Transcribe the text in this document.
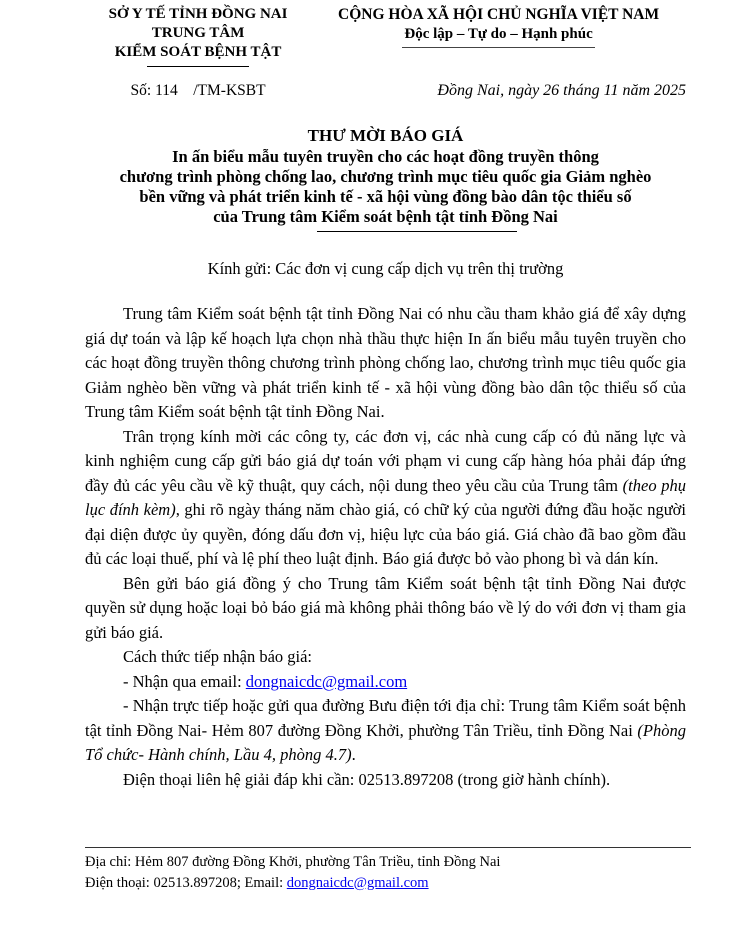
SỞ Y TẾ TỈNH ĐỒNG NAI
TRUNG TÂM
KIỂM SOÁT BỆNH TẬT
CỘNG HÒA XÃ HỘI CHỦ NGHĨA VIỆT NAM
Độc lập – Tự do – Hạnh phúc
Số: 114    /TM-KSBT	Đồng Nai, ngày 26 tháng 11 năm 2025
THƯ MỜI BÁO GIÁ
In ấn biểu mẫu tuyên truyền cho các hoạt đồng truyền thông
chương trình phòng chống lao, chương trình mục tiêu quốc gia Giảm nghèo
bền vững và phát triển kinh tế - xã hội vùng đồng bào dân tộc thiểu số
của Trung tâm Kiểm soát bệnh tật tỉnh Đồng Nai
Kính gửi: Các đơn vị cung cấp dịch vụ trên thị trường

Trung tâm Kiểm soát bệnh tật tỉnh Đồng Nai có nhu cầu tham khảo giá để xây dựng giá dự toán và lập kế hoạch lựa chọn nhà thầu thực hiện In ấn biểu mẫu tuyên truyền cho các hoạt đồng truyền thông chương trình phòng chống lao, chương trình mục tiêu quốc gia Giảm nghèo bền vững và phát triển kinh tế - xã hội vùng đồng bào dân tộc thiểu số của Trung tâm Kiểm soát bệnh tật tỉnh Đồng Nai.

Trân trọng kính mời các công ty, các đơn vị, các nhà cung cấp có đủ năng lực và kinh nghiệm cung cấp gửi báo giá dự toán với phạm vi cung cấp hàng hóa phải đáp ứng đầy đủ các yêu cầu về kỹ thuật, quy cách, nội dung theo yêu cầu của Trung tâm (theo phụ lục đính kèm), ghi rõ ngày tháng năm chào giá, có chữ ký của người đứng đầu hoặc người đại diện được ủy quyền, đóng dấu đơn vị, hiệu lực của báo giá. Giá chào đã bao gồm đầu đủ các loại thuế, phí và lệ phí theo luật định. Báo giá được bỏ vào phong bì và dán kín.

Bên gửi báo giá đồng ý cho Trung tâm Kiểm soát bệnh tật tỉnh Đồng Nai được quyền sử dụng hoặc loại bỏ báo giá mà không phải thông báo về lý do với đơn vị tham gia gửi báo giá.

Cách thức tiếp nhận báo giá:

- Nhận qua email: dongnaicdc@gmail.com

- Nhận trực tiếp hoặc gửi qua đường Bưu điện tới địa chỉ: Trung tâm Kiểm soát bệnh tật tỉnh Đồng Nai- Hẻm 807 đường Đồng Khởi, phường Tân Triều, tỉnh Đồng Nai (Phòng Tổ chức- Hành chính, Lầu 4, phòng 4.7).

Điện thoại liên hệ giải đáp khi cần: 02513.897208 (trong giờ hành chính).

Địa chỉ: Hẻm 807 đường Đồng Khởi, phường Tân Triều, tỉnh Đồng Nai
Điện thoại: 02513.897208; Email: dongnaicdc@gmail.com
